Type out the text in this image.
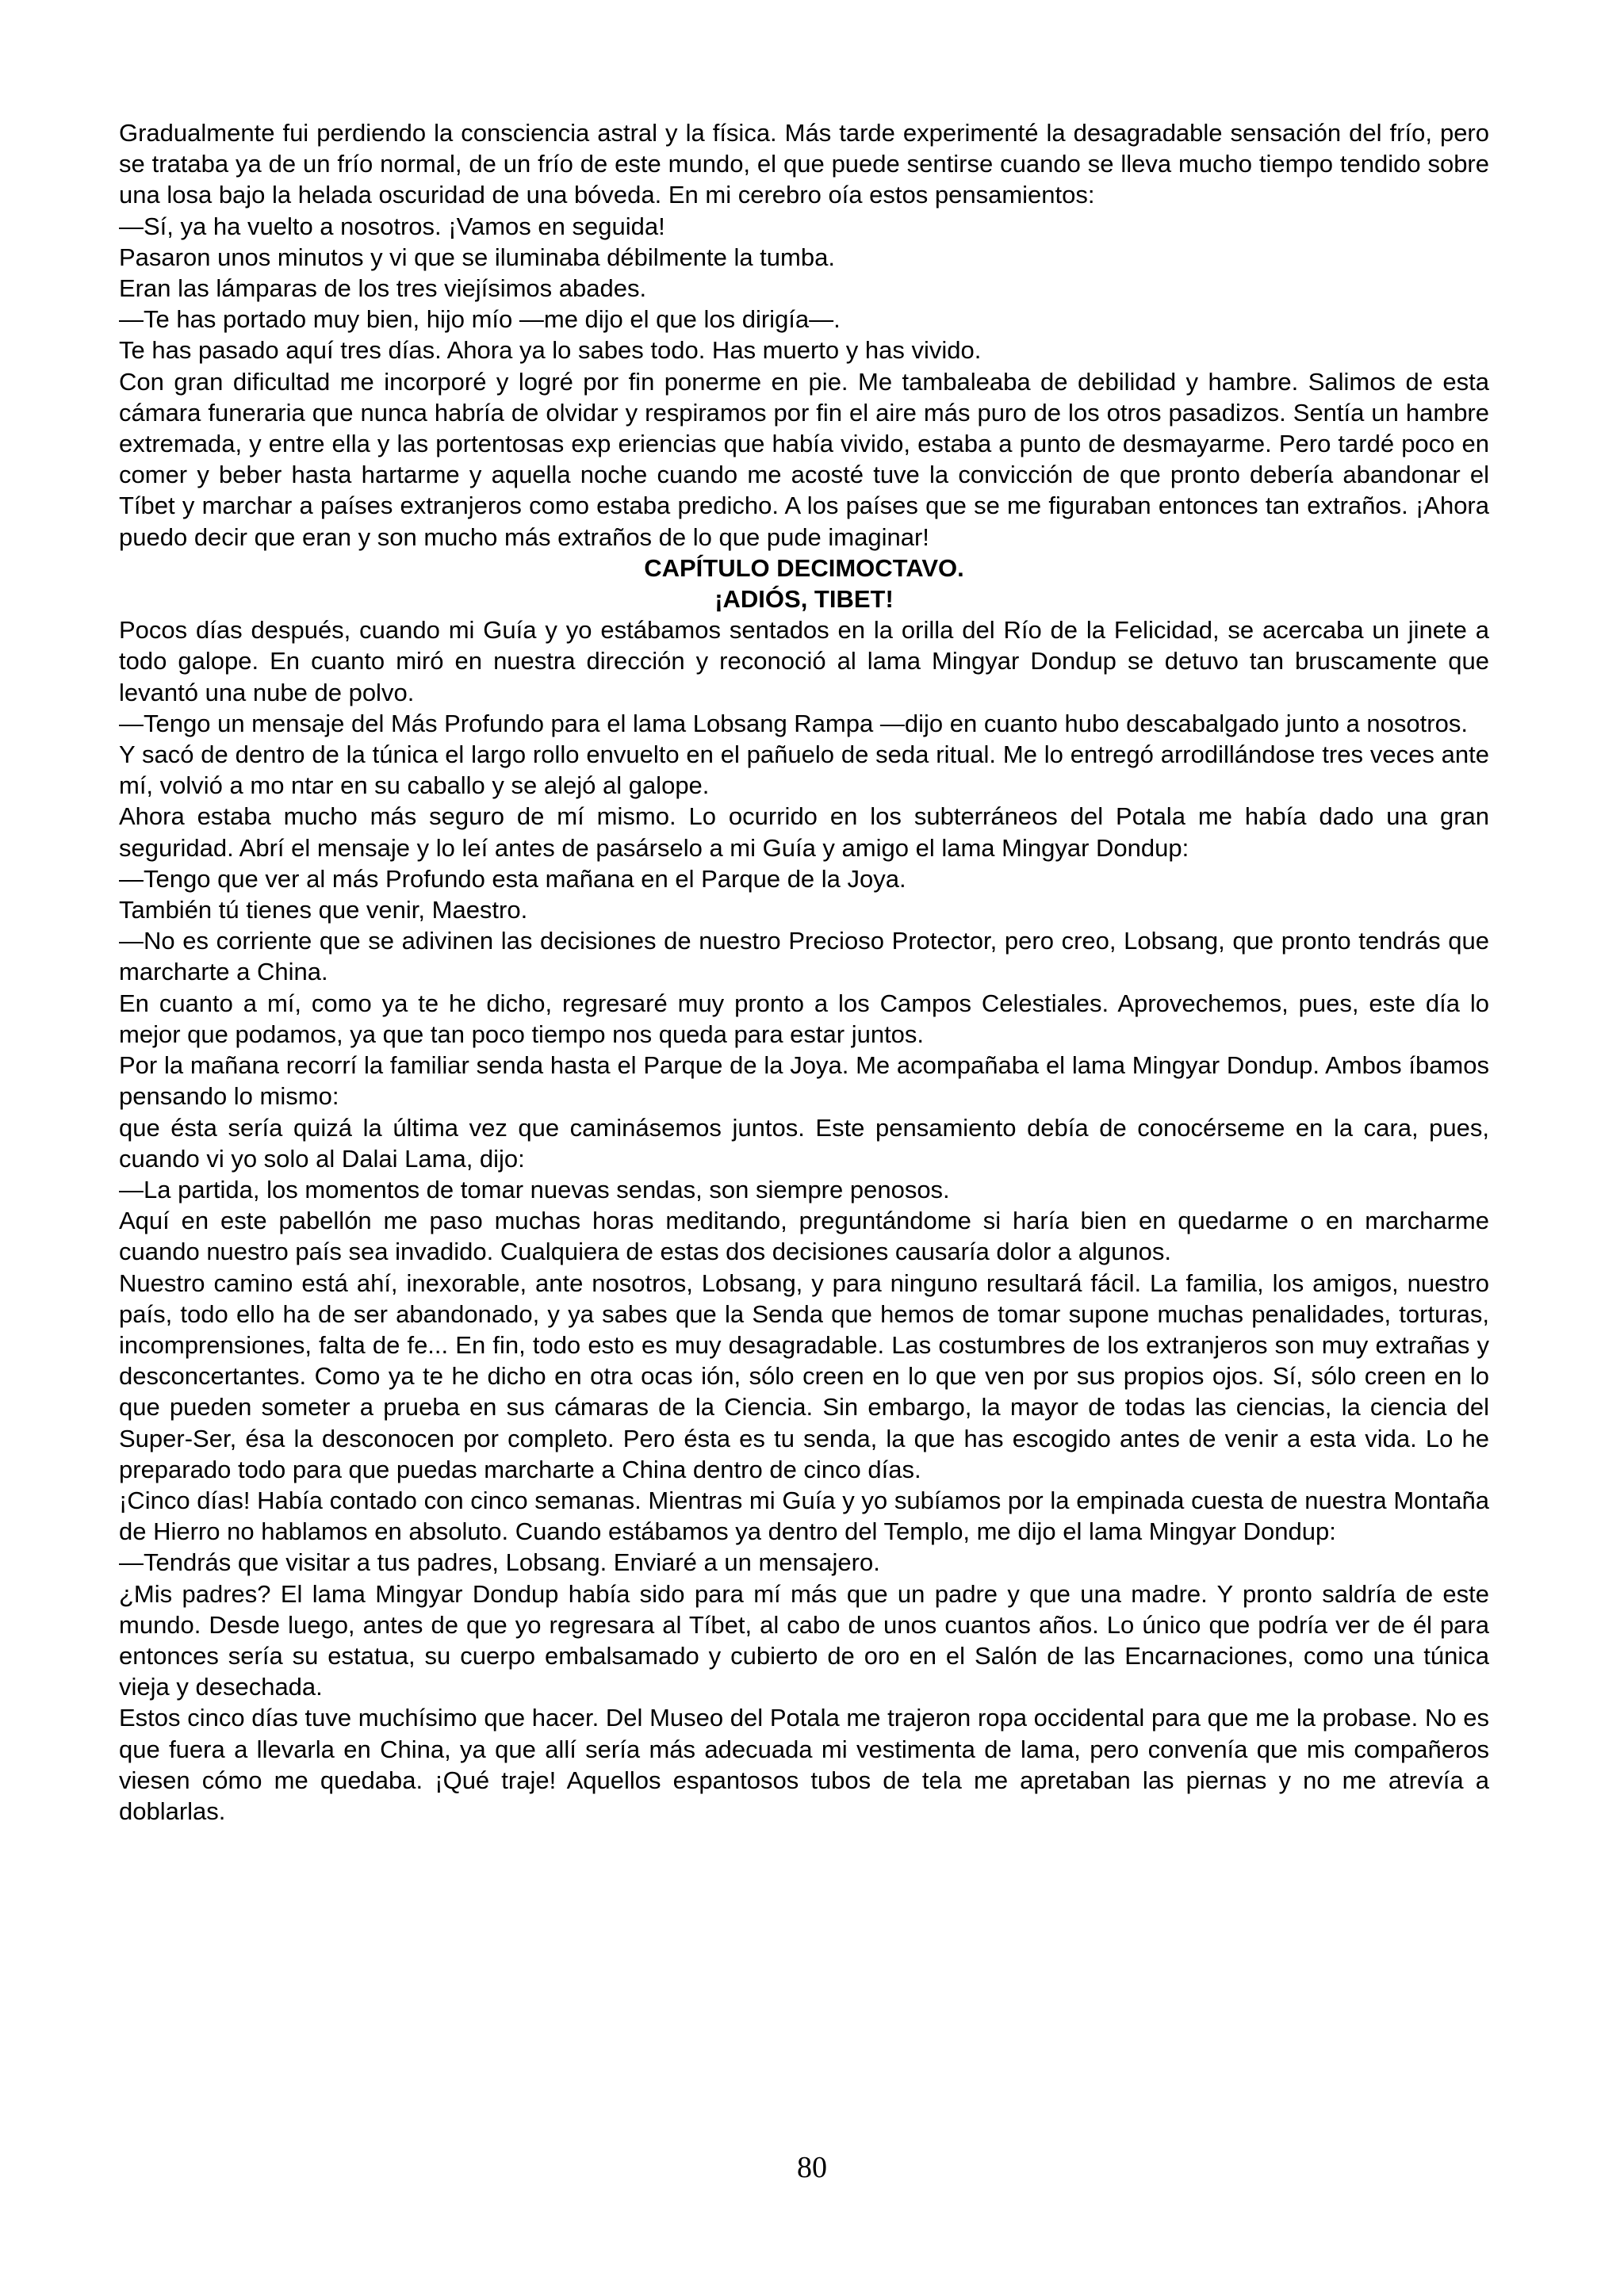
Gradualmente fui perdiendo la consciencia astral y la física. Más tarde experimenté la desagradable sensación del frío, pero se trataba ya de un frío normal, de un frío de este mundo, el que puede sentirse cuando se lleva mucho tiempo tendido sobre una losa bajo la helada oscuridad de una bóveda. En mi cerebro oía estos pensamientos:

—Sí, ya ha vuelto a nosotros. ¡Vamos en seguida!

Pasaron unos minutos y vi que se iluminaba débilmente la tumba.

Eran las lámparas de los tres viejísimos abades.

—Te has portado muy bien, hijo mío —me dijo el que los dirigía—.

Te has pasado aquí tres días. Ahora ya lo sabes todo. Has muerto y has vivido.

Con gran dificultad me incorporé y logré por fin ponerme en pie. Me tambaleaba de debilidad y hambre. Salimos de esta cámara funeraria que nunca habría de olvidar y respiramos por fin el aire más puro de los otros pasadizos. Sentía un hambre extremada, y entre ella y las portentosas exp eriencias que había vivido, estaba a punto de desmayarme. Pero tardé poco en comer y beber hasta hartarme y aquella noche cuando me acosté tuve la convicción de que pronto debería abandonar el Tíbet y marchar a países extranjeros como estaba predicho. A los países que se me figuraban entonces tan extraños. ¡Ahora puedo decir que eran y son mucho más extraños de lo que pude imaginar!

CAPÍTULO DECIMOCTAVO.

¡ADIÓS, TIBET!

Pocos días después, cuando mi Guía y yo estábamos sentados en la orilla del Río de la Felicidad, se acercaba un jinete a todo galope. En cuanto miró en nuestra dirección y reconoció al lama Mingyar Dondup se detuvo tan bruscamente que levantó una nube de polvo.

—Tengo un mensaje del Más Profundo para el lama Lobsang Rampa —dijo en cuanto hubo descabalgado junto a nosotros.

Y sacó de dentro de la túnica el largo rollo envuelto en el pañuelo de seda ritual. Me lo entregó arrodillándose tres veces ante mí, volvió a mo ntar en su caballo y se alejó al galope.

Ahora estaba mucho más seguro de mí mismo. Lo ocurrido en los subterráneos del Potala me había dado una gran seguridad. Abrí el mensaje y lo leí antes de pasárselo a mi Guía y amigo el lama Mingyar Dondup:

—Tengo que ver al más Profundo esta mañana en el Parque de la Joya.

También tú tienes que venir, Maestro.

—No es corriente que se adivinen las decisiones de nuestro Precioso Protector, pero creo, Lobsang, que pronto tendrás que marcharte a China.

En cuanto a mí, como ya te he dicho, regresaré muy pronto a los Campos Celestiales. Aprovechemos, pues, este día lo mejor que podamos, ya que tan poco tiempo nos queda para estar juntos.

Por la mañana recorrí la familiar senda hasta el Parque de la Joya. Me acompañaba el lama Mingyar Dondup. Ambos íbamos pensando lo mismo:

que ésta sería quizá la última vez que caminásemos juntos. Este pensamiento debía de conocérseme en la cara, pues, cuando vi yo solo al Dalai Lama, dijo:

—La partida, los momentos de tomar nuevas sendas, son siempre penosos.

Aquí en este pabellón me paso muchas horas meditando, preguntándome si haría bien en quedarme o en marcharme cuando nuestro país sea invadido. Cualquiera de estas dos decisiones causaría dolor a algunos.

Nuestro camino está ahí, inexorable, ante nosotros, Lobsang, y para ninguno resultará fácil. La familia, los amigos, nuestro país, todo ello ha de ser abandonado, y ya sabes que la Senda que hemos de tomar supone muchas penalidades, torturas, incomprensiones, falta de fe... En fin, todo esto es muy desagradable. Las costumbres de los extranjeros son muy extrañas y desconcertantes. Como ya te he dicho en otra ocas ión, sólo creen en lo que ven por sus propios ojos. Sí, sólo creen en lo que pueden someter a prueba en sus cámaras de la Ciencia. Sin embargo, la mayor de todas las ciencias, la ciencia del Super-Ser, ésa la desconocen por completo. Pero ésta es tu senda, la que has escogido antes de venir a esta vida. Lo he preparado todo para que puedas marcharte a China dentro de cinco días.

¡Cinco días! Había contado con cinco semanas. Mientras mi Guía y yo subíamos por la empinada cuesta de nuestra Montaña de Hierro no hablamos en absoluto. Cuando estábamos ya dentro del Templo, me dijo el lama Mingyar Dondup:

—Tendrás que visitar a tus padres, Lobsang. Enviaré a un mensajero.

¿Mis padres? El lama Mingyar Dondup había sido para mí más que un padre y que una madre. Y pronto saldría de este mundo. Desde luego, antes de que yo regresara al Tíbet, al cabo de unos cuantos años. Lo único que podría ver de él para entonces sería su estatua, su cuerpo embalsamado y cubierto de oro en el Salón de las Encarnaciones, como una túnica vieja y desechada.

Estos cinco días tuve muchísimo que hacer. Del Museo del Potala me trajeron ropa occidental para que me la probase. No es que fuera a llevarla en China, ya que allí sería más adecuada mi vestimenta de lama, pero convenía que mis compañeros viesen cómo me quedaba. ¡Qué traje! Aquellos espantosos tubos de tela me apretaban las piernas y no me atrevía a doblarlas.

80
